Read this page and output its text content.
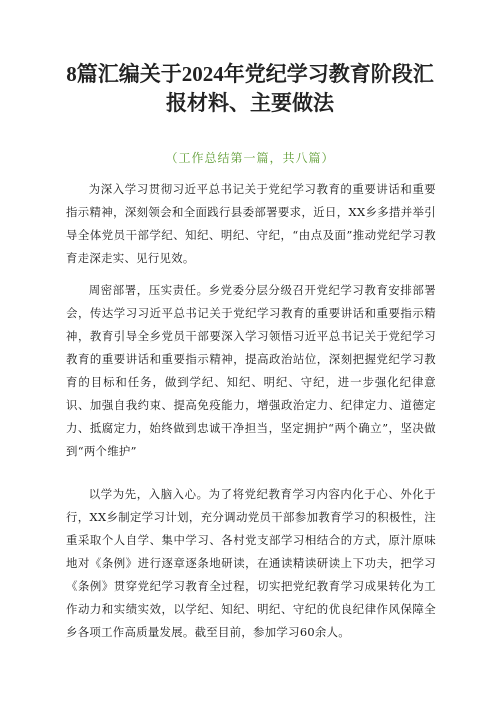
8篇汇编关于2024年党纪学习教育阶段汇报材料、主要做法
（工作总结第一篇，共八篇）

为深入学习贯彻习近平总书记关于党纪学习教育的重要讲话和重要指示精神，深刻领会和全面践行县委部署要求，近日，XX乡多措并举引导全体党员干部学纪、知纪、明纪、守纪，“由点及面”推动党纪学习教育走深走实、见行见效。

周密部署，压实责任。乡党委分层分级召开党纪学习教育安排部署会，传达学习习近平总书记关于党纪学习教育的重要讲话和重要指示精神，教育引导全乡党员干部要深入学习领悟习近平总书记关于党纪学习教育的重要讲话和重要指示精神，提高政治站位，深刻把握党纪学习教育的目标和任务，做到学纪、知纪、明纪、守纪，进一步强化纪律意识、加强自我约束、提高免疫能力，增强政治定力、纪律定力、道德定力、抵腐定力，始终做到忠诚干净担当，坚定拥护“两个确立”，坚决做到“两个维护”

以学为先，入脑入心。为了将党纪教育学习内容内化于心、外化于行，XX乡制定学习计划，充分调动党员干部参加教育学习的积极性，注重采取个人自学、集中学习、各村党支部学习相结合的方式，原汁原味地对《条例》进行逐章逐条地研读，在通读精读研读上下功夫，把学习《条例》贯穿党纪学习教育全过程，切实把党纪教育学习成果转化为工作动力和实绩实效，以学纪、知纪、明纪、守纪的优良纪律作风保障全乡各项工作高质量发展。截至目前，参加学习60余人。
